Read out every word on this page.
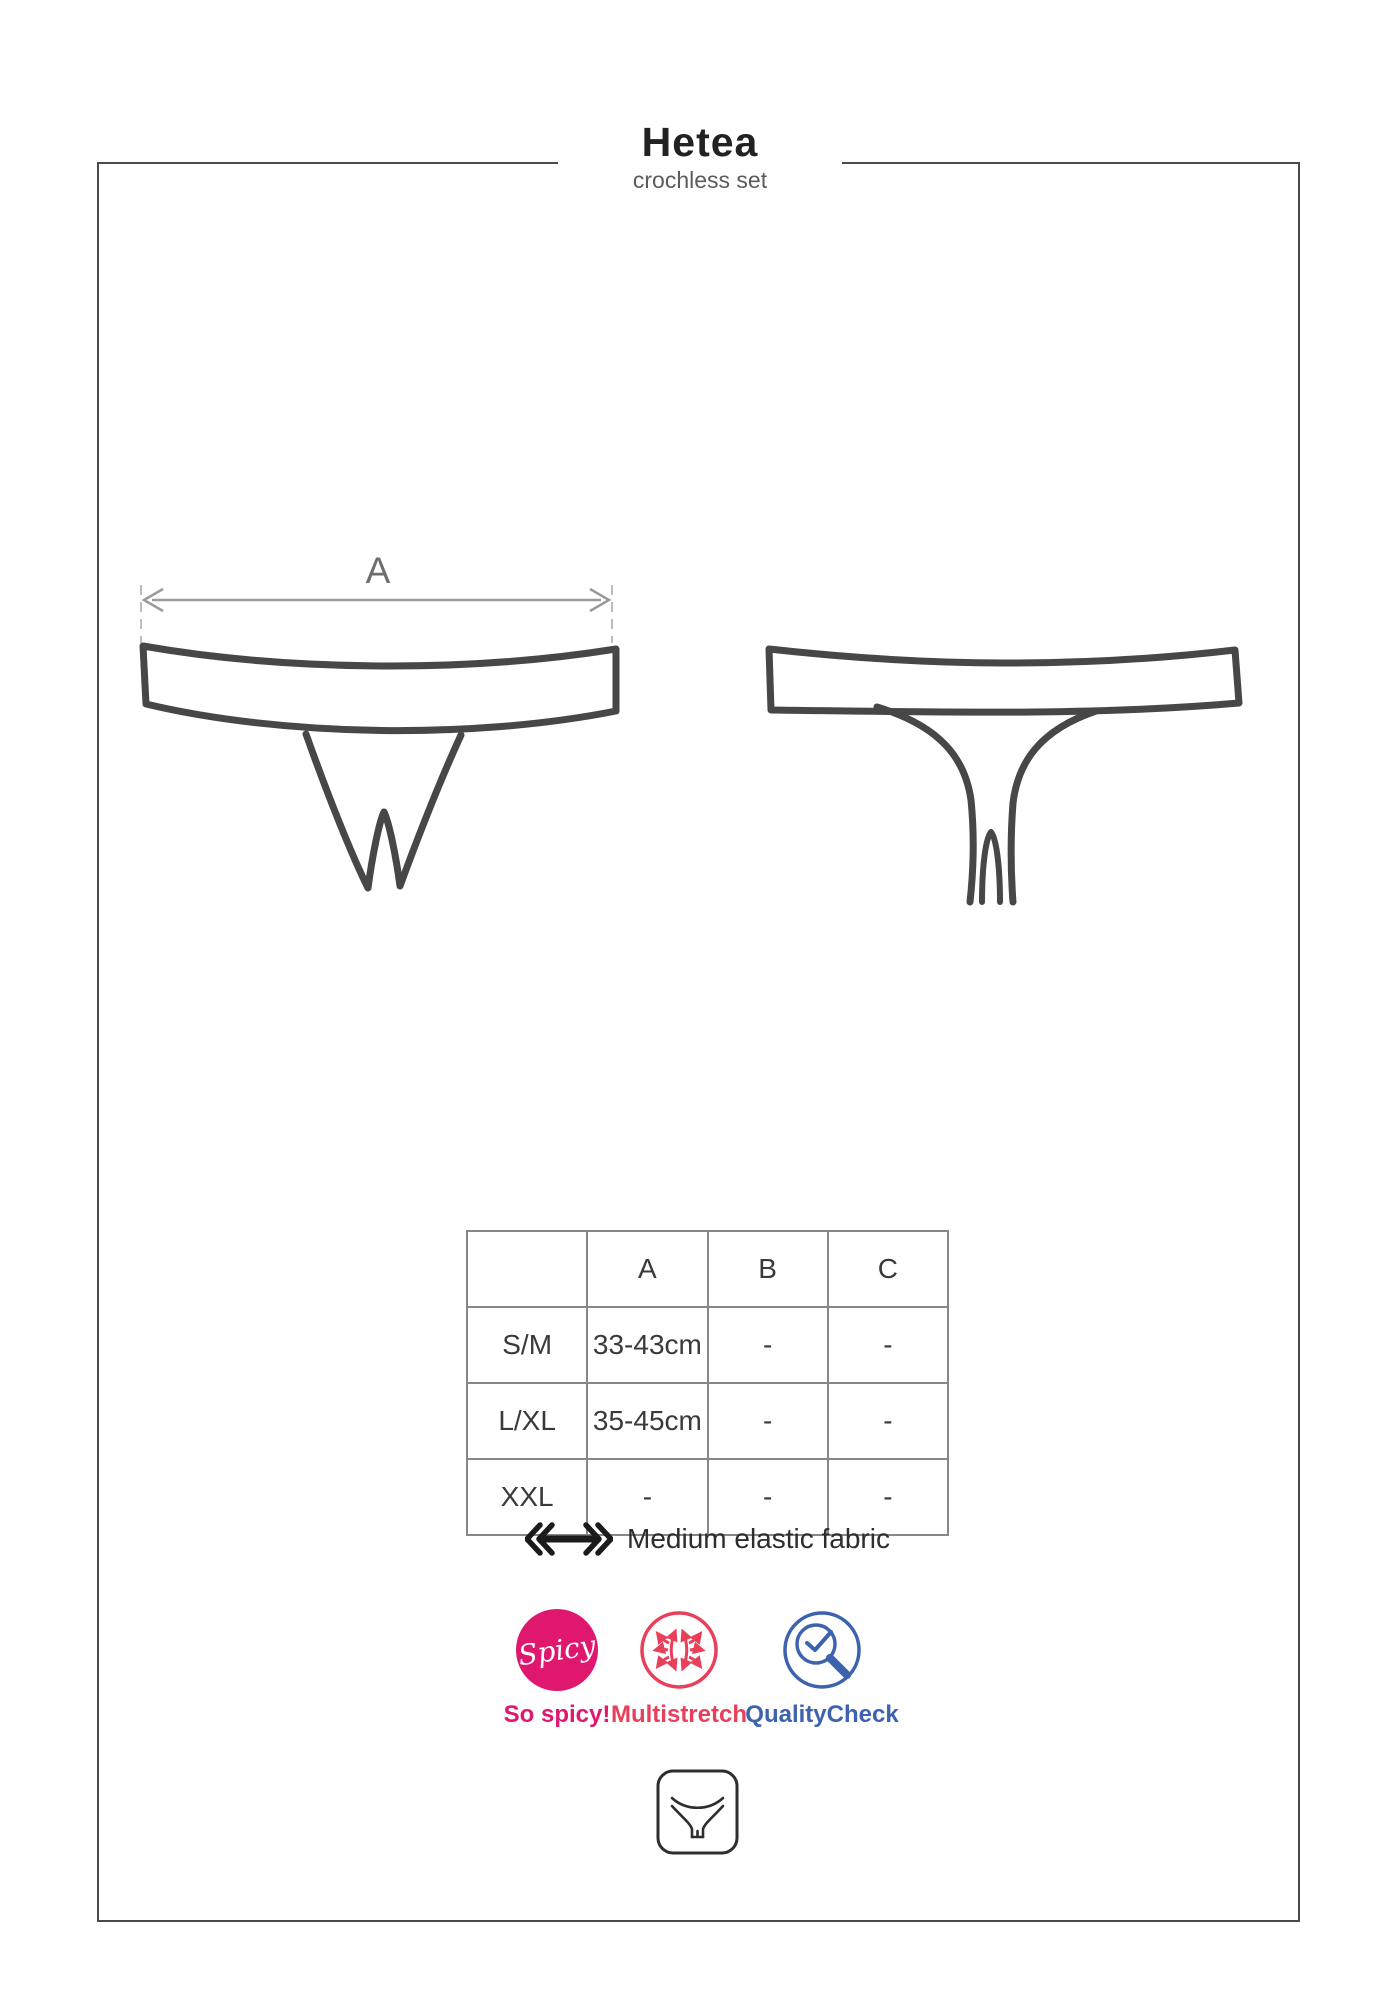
Hetea
crochless set
A
	A	B	C
S/M	33-43cm	-	-
L/XL	35-45cm	-	-
XXL	-	-	-
Medium elastic fabric
Spicy
So spicy! Multistretch
QualityCheck
